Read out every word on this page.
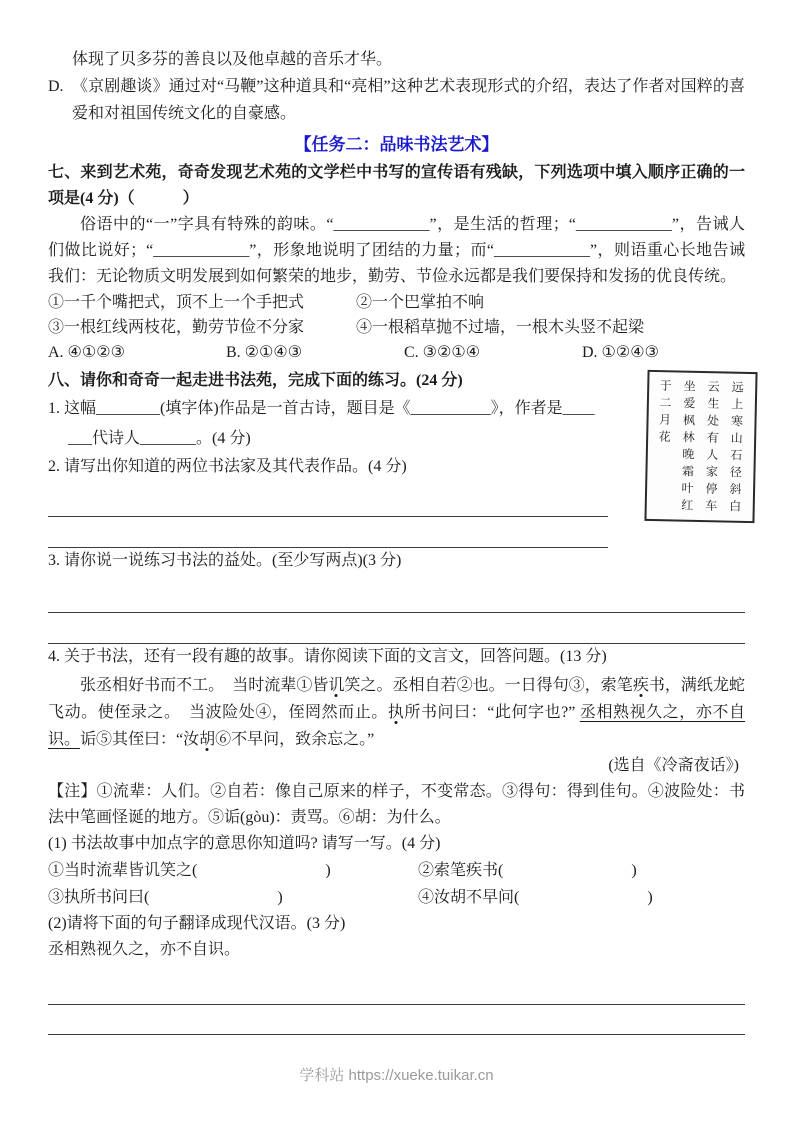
体现了贝多芬的善良以及他卓越的音乐才华。

D. 《京剧趣谈》通过对“马鞭”这种道具和“亮相”这种艺术表现形式的介绍，表达了作者对国粹的喜爱和对祖国传统文化的自豪感。

【任务二：品味书法艺术】

七、来到艺术苑，奇奇发现艺术苑的文学栏中书写的宣传语有残缺，下列选项中填入顺序正确的一项是(4 分)（　　　）

俗语中的“一”字具有特殊的韵味。“____________”，是生活的哲理；“____________”，告诫人们做比说好；“____________”，形象地说明了团结的力量；而“____________”，则语重心长地告诫我们：无论物质文明发展到如何繁荣的地步，勤劳、节俭永远都是我们要保持和发扬的优良传统。

①一千个嘴把式，顶不上一个手把式	②一个巴掌拍不响
③一根红线两枝花，勤劳节俭不分家	④一根稻草抛不过墙，一根木头竖不起梁
A. ④①②③	B. ②①④③	C. ③②①④	D. ①②④③

八、请你和奇奇一起走进书法苑，完成下面的练习。(24 分)

1. 这幅________(填字体)作品是一首古诗，题目是《__________》，作者是____

___代诗人_______。(4 分)

2. 请写出你知道的两位书法家及其代表作品。(4 分)

3. 请你说一说练习书法的益处。(至少写两点)(3 分)

4. 关于书法，还有一段有趣的故事。请你阅读下面的文言文，回答问题。(13 分)

张丞相好书而不工。　当时流辈①皆讥笑之。丞相自若②也。一日得句③，索笔疾书，满纸龙蛇飞动。使侄录之。　当波险处④，侄罔然而止。执所书问曰：“此何字也?” 丞相熟视久之，亦不自识。诟⑤其侄曰：“汝胡⑥不早问，致余忘之。”

(选自《冷斋夜话》)

【注】①流辈：人们。②自若：像自己原来的样子，不变常态。③得句：得到佳句。④波险处：书法中笔画怪诞的地方。⑤诟(gòu)：责骂。⑥胡：为什么。

(1) 书法故事中加点字的意思你知道吗? 请写一写。(4 分)

①当时流辈皆讥笑之(　　　　　　　　)	②索笔疾书(　　　　　　　　)
③执所书问曰(　　　　　　　　)	④汝胡不早问(　　　　　　　　)

(2)请将下面的句子翻译成现代汉语。(3 分)

丞相熟视久之，亦不自识。

远上寒山石径斜白
云生处有人家停车
坐爱枫林晚霜叶红
于二月花
学科站 https://xueke.tuikar.cn
